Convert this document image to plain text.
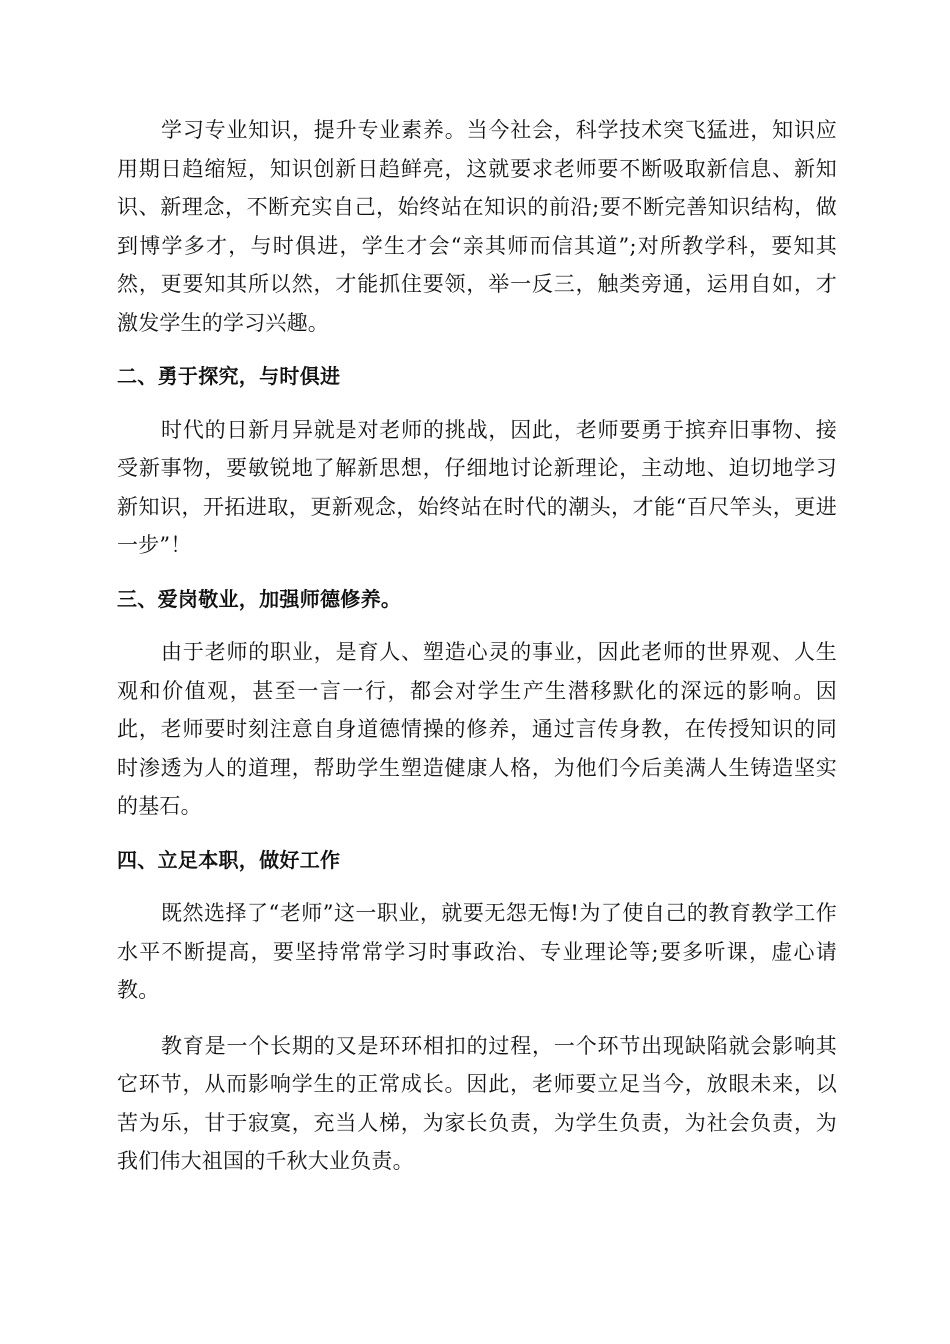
学习专业知识，提升专业素养。当今社会，科学技术突飞猛进，知识应用期日趋缩短，知识创新日趋鲜亮，这就要求老师要不断吸取新信息、新知识、新理念，不断充实自己，始终站在知识的前沿;要不断完善知识结构，做到博学多才，与时俱进，学生才会“亲其师而信其道”;对所教学科，要知其然，更要知其所以然，才能抓住要领，举一反三，触类旁通，运用自如，才激发学生的学习兴趣。

二、勇于探究，与时俱进

时代的日新月异就是对老师的挑战，因此，老师要勇于摈弃旧事物、接受新事物，要敏锐地了解新思想，仔细地讨论新理论，主动地、迫切地学习新知识，开拓进取，更新观念，始终站在时代的潮头，才能“百尺竿头，更进一步”！

三、爱岗敬业，加强师德修养。

由于老师的职业，是育人、塑造心灵的事业，因此老师的世界观、人生观和价值观，甚至一言一行，都会对学生产生潜移默化的深远的影响。因此，老师要时刻注意自身道德情操的修养，通过言传身教，在传授知识的同时渗透为人的道理，帮助学生塑造健康人格，为他们今后美满人生铸造坚实的基石。

四、立足本职，做好工作

既然选择了“老师”这一职业，就要无怨无悔!为了使自己的教育教学工作水平不断提高，要坚持常常学习时事政治、专业理论等;要多听课，虚心请教。

教育是一个长期的又是环环相扣的过程，一个环节出现缺陷就会影响其它环节，从而影响学生的正常成长。因此，老师要立足当今，放眼未来，以苦为乐，甘于寂寞，充当人梯，为家长负责，为学生负责，为社会负责，为我们伟大祖国的千秋大业负责。
